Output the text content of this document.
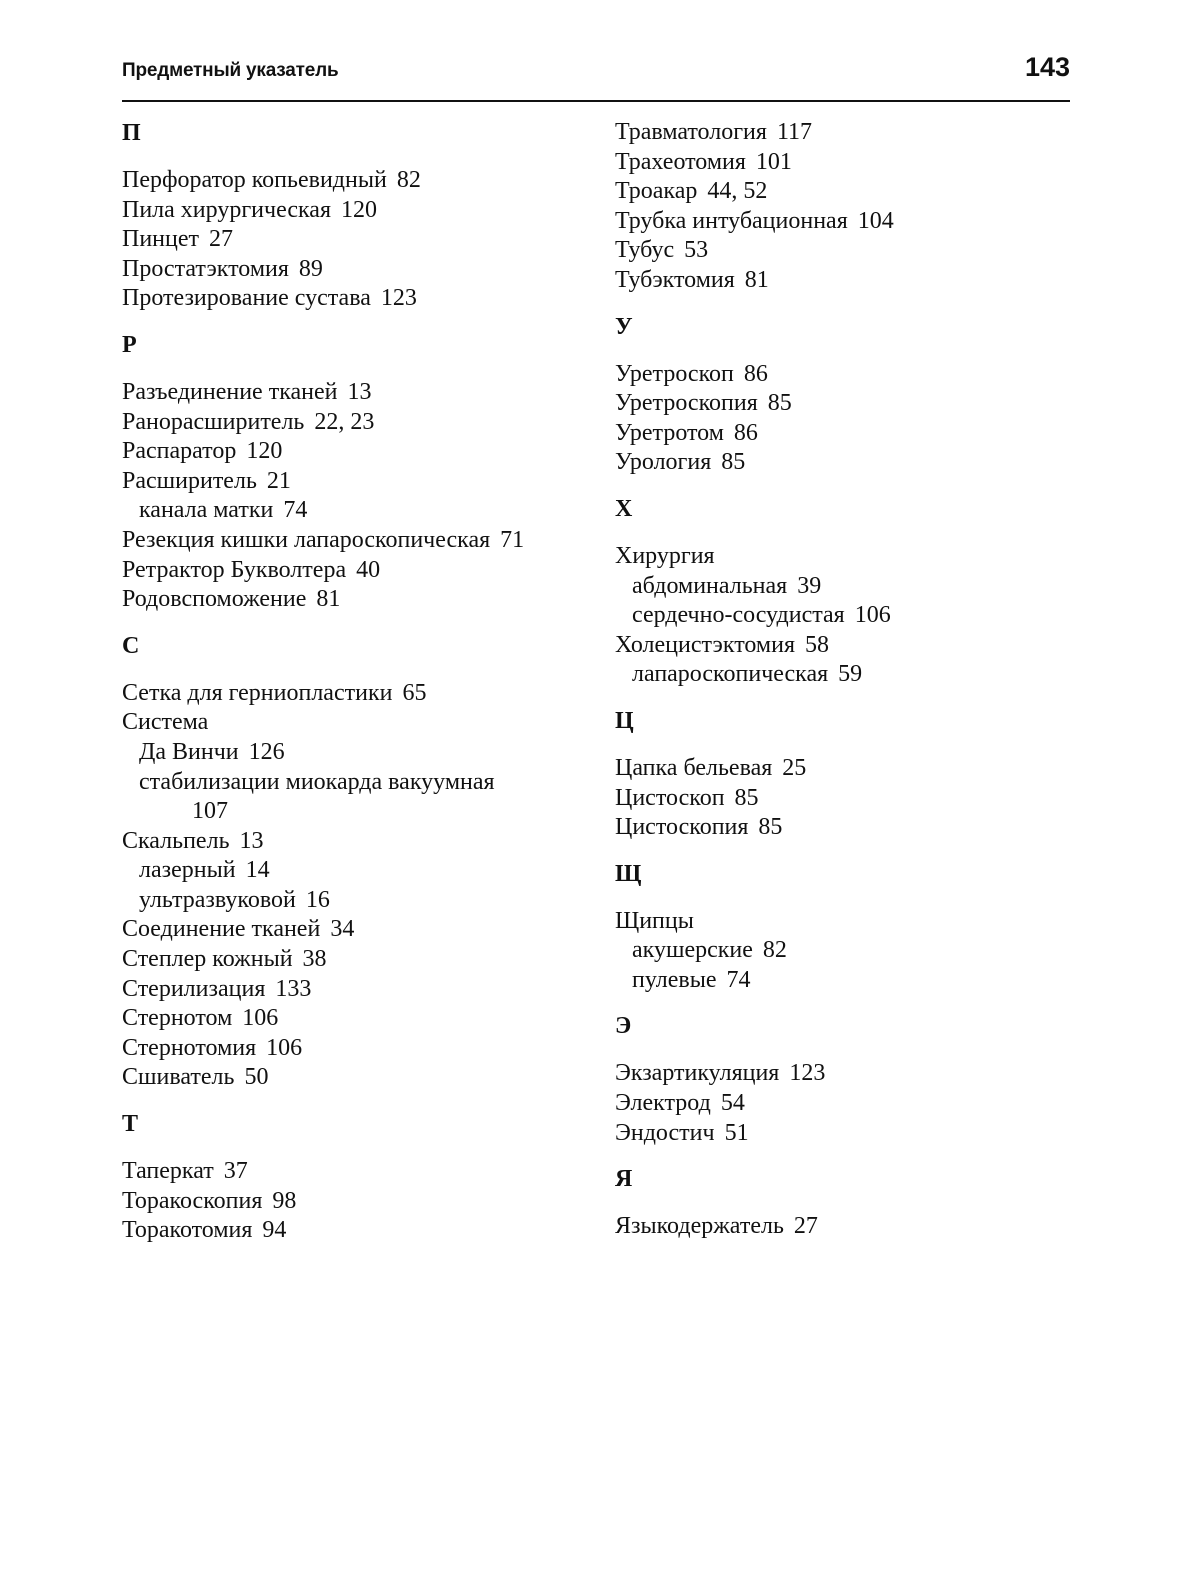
Предметный указатель	143
П
Перфоратор копьевидный 82
Пила хирургическая 120
Пинцет 27
Простатэктомия 89
Протезирование сустава 123
Р
Разъединение тканей 13
Ранорасширитель 22, 23
Распаратор 120
Расширитель 21
канала матки 74
Резекция кишки лапароскопическая 71
Ретрактор Букволтера 40
Родовспоможение 81
С
Сетка для герниопластики 65
Система
Да Винчи 126
стабилизации миокарда вакуумная
107
Скальпель 13
лазерный 14
ультразвуковой 16
Соединение тканей 34
Степлер кожный 38
Стерилизация 133
Стернотом 106
Стернотомия 106
Сшиватель 50
Т
Таперкат 37
Торакоскопия 98
Торакотомия 94
Травматология 117
Трахеотомия 101
Троакар 44, 52
Трубка интубационная 104
Тубус 53
Тубэктомия 81
У
Уретроскоп 86
Уретроскопия 85
Уретротом 86
Урология 85
Х
Хирургия
абдоминальная 39
сердечно-сосудистая 106
Холецистэктомия 58
лапароскопическая 59
Ц
Цапка бельевая 25
Цистоскоп 85
Цистоскопия 85
Щ
Щипцы
акушерские 82
пулевые 74
Э
Экзартикуляция 123
Электрод 54
Эндостич 51
Я
Языкодержатель 27
